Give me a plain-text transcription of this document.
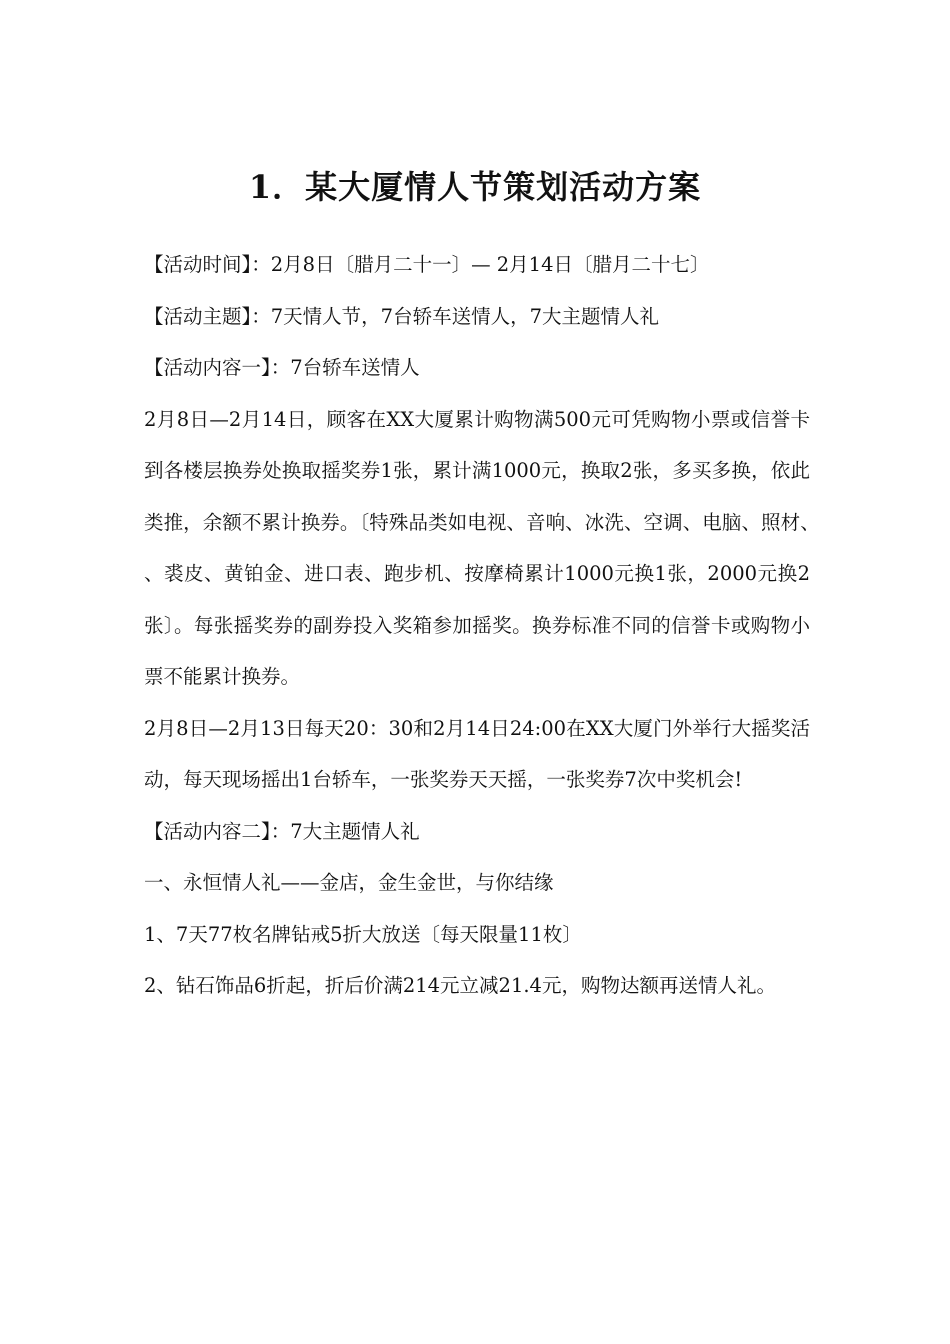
1．某大厦情人节策划活动方案

【活动时间】：2月8日〔腊月二十一〕— 2月14日〔腊月二十七〕

【活动主题】：7天情人节，7台轿车送情人，7大主题情人礼

【活动内容一】：7台轿车送情人

2月8日—2月14日，顾客在XX大厦累计购物满500元可凭购物小票或信誉卡到各楼层换券处换取摇奖券1张，累计满1000元，换取2张，多买多换，依此类推，余额不累计换券。〔特殊品类如电视、音响、冰洗、空调、电脑、照材、　　、裘皮、黄铂金、进口表、跑步机、按摩椅累计1000元换1张，2000元换2张〕。每张摇奖券的副券投入奖箱参加摇奖。换券标准不同的信誉卡或购物小票不能累计换券。

2月8日—2月13日每天20：30和2月14日24:00在XX大厦门外举行大摇奖活动，每天现场摇出1台轿车，一张奖券天天摇，一张奖券7次中奖机会!

【活动内容二】：7大主题情人礼

一、永恒情人礼——金店，金生金世，与你结缘

1、7天77枚名牌钻戒5折大放送〔每天限量11枚〕

2、钻石饰品6折起，折后价满214元立减21.4元，购物达额再送情人礼。
